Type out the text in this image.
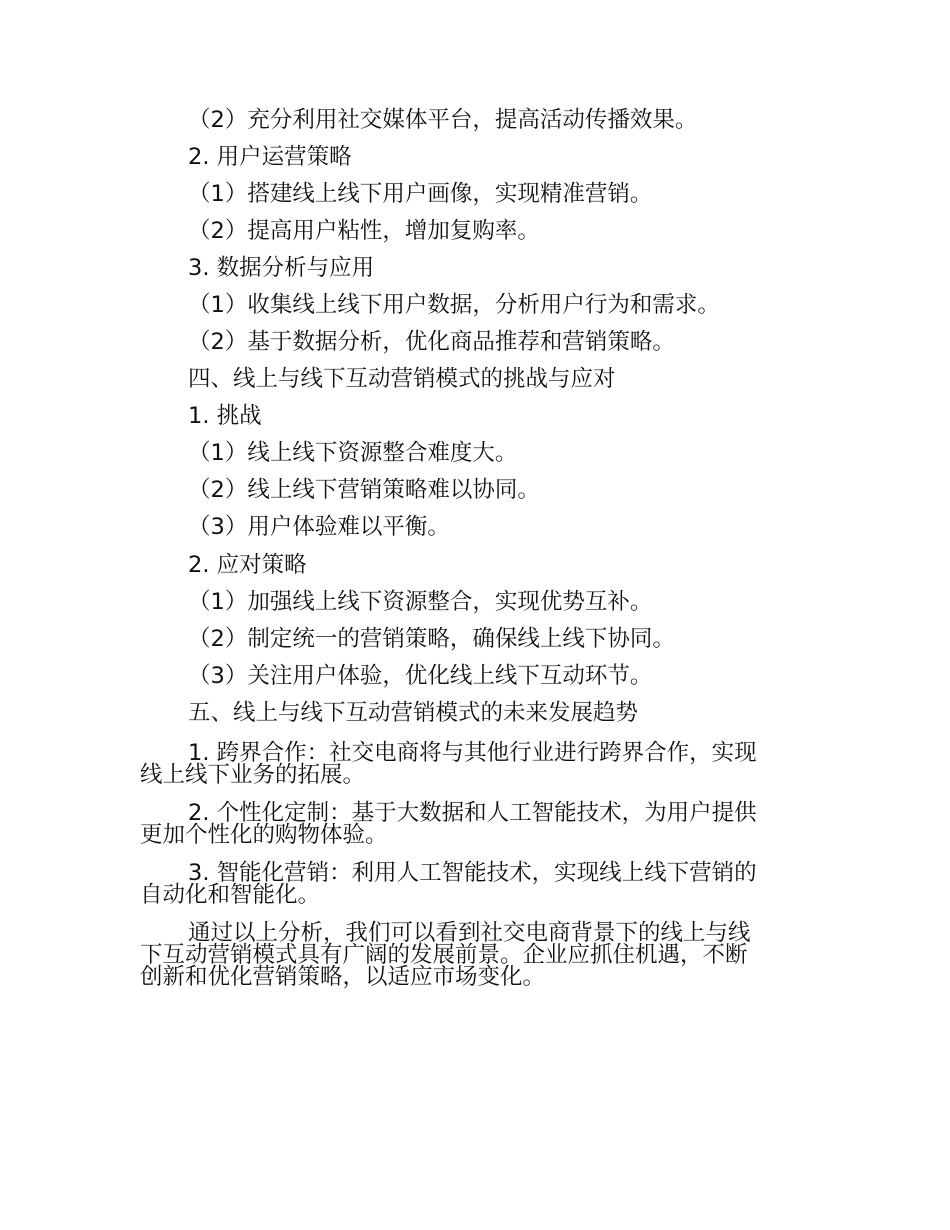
（2）充分利用社交媒体平台，提高活动传播效果。
2. 用户运营策略
（1）搭建线上线下用户画像，实现精准营销。
（2）提高用户粘性，增加复购率。
3. 数据分析与应用
（1）收集线上线下用户数据，分析用户行为和需求。
（2）基于数据分析，优化商品推荐和营销策略。
四、线上与线下互动营销模式的挑战与应对
1. 挑战
（1）线上线下资源整合难度大。
（2）线上线下营销策略难以协同。
（3）用户体验难以平衡。
2. 应对策略
（1）加强线上线下资源整合，实现优势互补。
（2）制定统一的营销策略，确保线上线下协同。
（3）关注用户体验，优化线上线下互动环节。
五、线上与线下互动营销模式的未来发展趋势
1. 跨界合作：社交电商将与其他行业进行跨界合作，实现
线上线下业务的拓展。
2. 个性化定制：基于大数据和人工智能技术，为用户提供
更加个性化的购物体验。
3. 智能化营销：利用人工智能技术，实现线上线下营销的
自动化和智能化。
通过以上分析，我们可以看到社交电商背景下的线上与线
下互动营销模式具有广阔的发展前景。企业应抓住机遇，不断
创新和优化营销策略，以适应市场变化。
